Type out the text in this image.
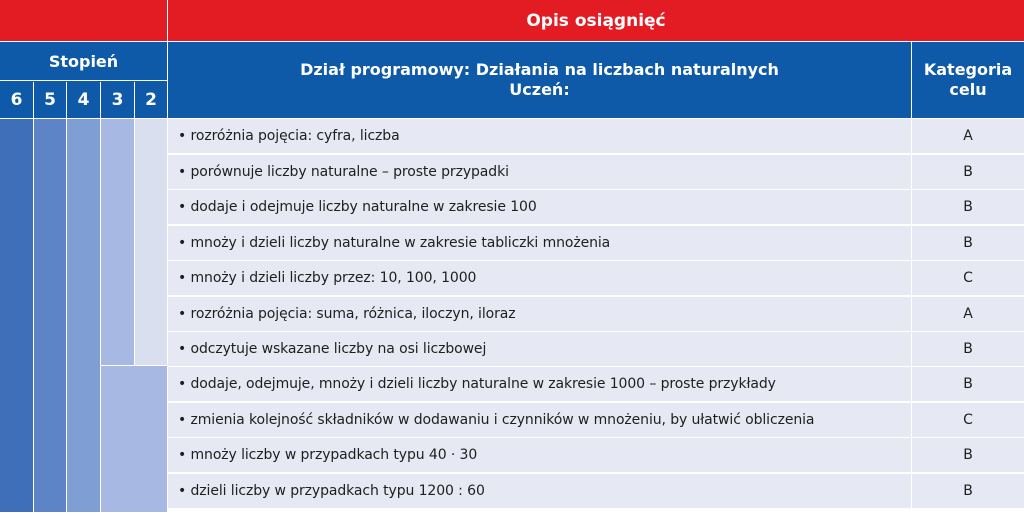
Opis osiągnięć
Stopień
6	5	4	3	2
Dział programowy: Działania na liczbach naturalnych
Uczeń:
Kategoria
celu
• rozróżnia pojęcia: cyfra, liczba	A
• porównuje liczby naturalne – proste przypadki	B
• dodaje i odejmuje liczby naturalne w zakresie 100	B
• mnoży i dzieli liczby naturalne w zakresie tabliczki mnożenia	B
• mnoży i dzieli liczby przez: 10, 100, 1000	C
• rozróżnia pojęcia: suma, różnica, iloczyn, iloraz	A
• odczytuje wskazane liczby na osi liczbowej	B
• dodaje, odejmuje, mnoży i dzieli liczby naturalne w zakresie 1000 – proste przykłady	B
• zmienia kolejność składników w dodawaniu i czynników w mnożeniu, by ułatwić obliczenia	C
• mnoży liczby w przypadkach typu 40 · 30	B
• dzieli liczby w przypadkach typu 1200 : 60	B
